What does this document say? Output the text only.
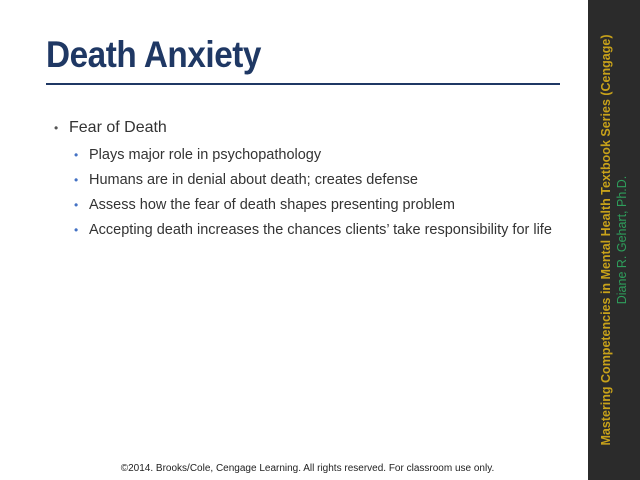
Death Anxiety
• Fear of Death
• Plays major role in psychopathology
• Humans are in denial about death; creates defense
• Assess how the fear of death shapes presenting problem
• Accepting death increases the chances clients’ take responsibility for life
©2014. Brooks/Cole, Cengage Learning. All rights reserved. For classroom use only.
Mastering Competencies in Mental Health Textbook Series (Cengage) Diane R. Gehart, Ph.D.
